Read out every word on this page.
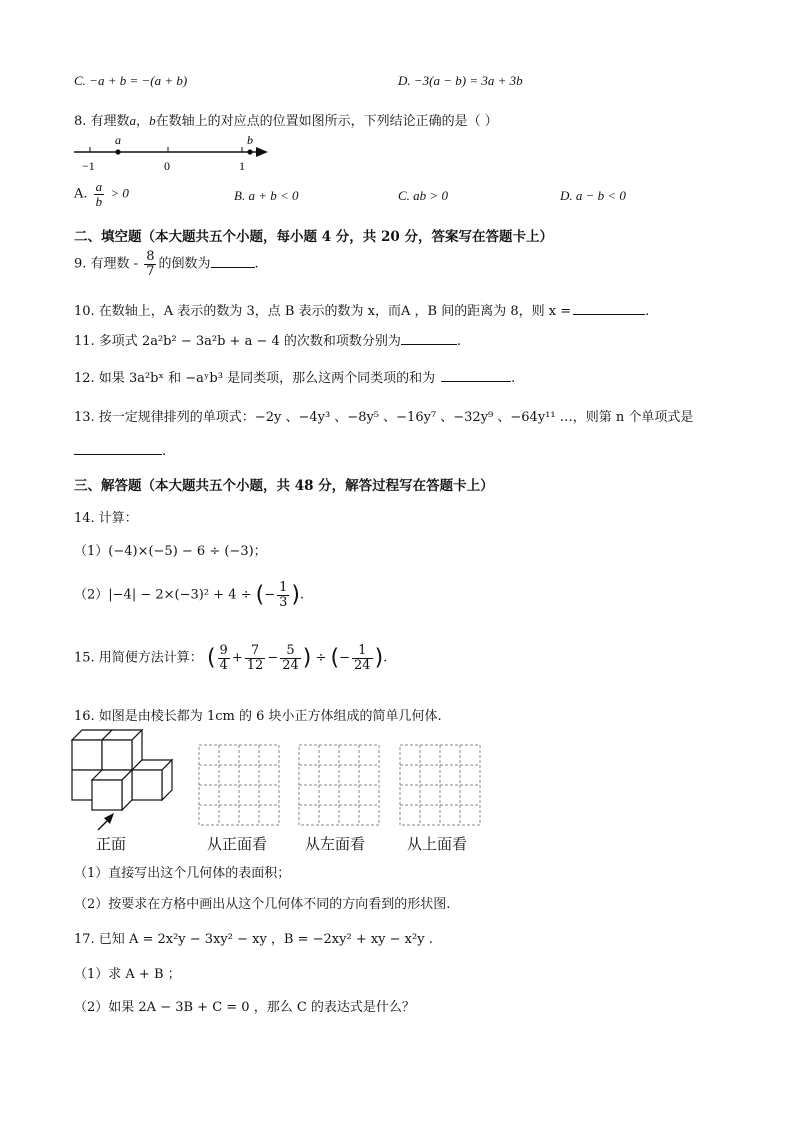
C. −a + b = −(a + b)	D. −3(a − b) = 3a + 3b
8. 有理数a，b在数轴上的对应点的位置如图所示，下列结论正确的是（ ）
a	b
−1	0	1
A. $\frac{a}{b} > 0$	B. a + b < 0	C. ab > 0	D. a − b < 0
二、填空题（本大题共五个小题，每小题 4 分，共 20 分，答案写在答题卡上）
9. 有理数 - $\frac{8}{7}$ 的倒数为	.
10. 在数轴上，A 表示的数为 3，点 B 表示的数为 x，而A ，B 间的距离为 8，则 x =	.
11. 多项式 2a²b² − 3a²b + a − 4 的次数和项数分别为	.
12. 如果 3a²bˣ 和 −aʸb³ 是同类项，那么这两个同类项的和为	.
13. 按一定规律排列的单项式：−2y 、−4y³ 、−8y⁵ 、−16y⁷ 、−32y⁹ 、−64y¹¹ …，则第 n 个单项式是
.
三、解答题（本大题共五个小题，共 48 分，解答过程写在答题卡上）
14. 计算：
（1）(−4)×(−5) − 6 ÷ (−3)；
（2）|−4| − 2×(−3)² + 4 ÷ (− $\frac{1}{3}$ ).
15. 用简便方法计算： ( $\frac{9}{4} + \frac{7}{12} - \frac{5}{24}$ ) ÷ (− $\frac{1}{24}$ ).
16. 如图是由棱长都为 1cm 的 6 块小正方体组成的简单几何体.
正面	从正面看	从左面看	从上面看
（1）直接写出这个几何体的表面积；
（2）按要求在方格中画出从这个几何体不同的方向看到的形状图.
17. 已知 A = 2x²y − 3xy² − xy ，B = −2xy² + xy − x²y .
（1）求 A + B ；
（2）如果 2A − 3B + C = 0 ，那么 C 的表达式是什么？
